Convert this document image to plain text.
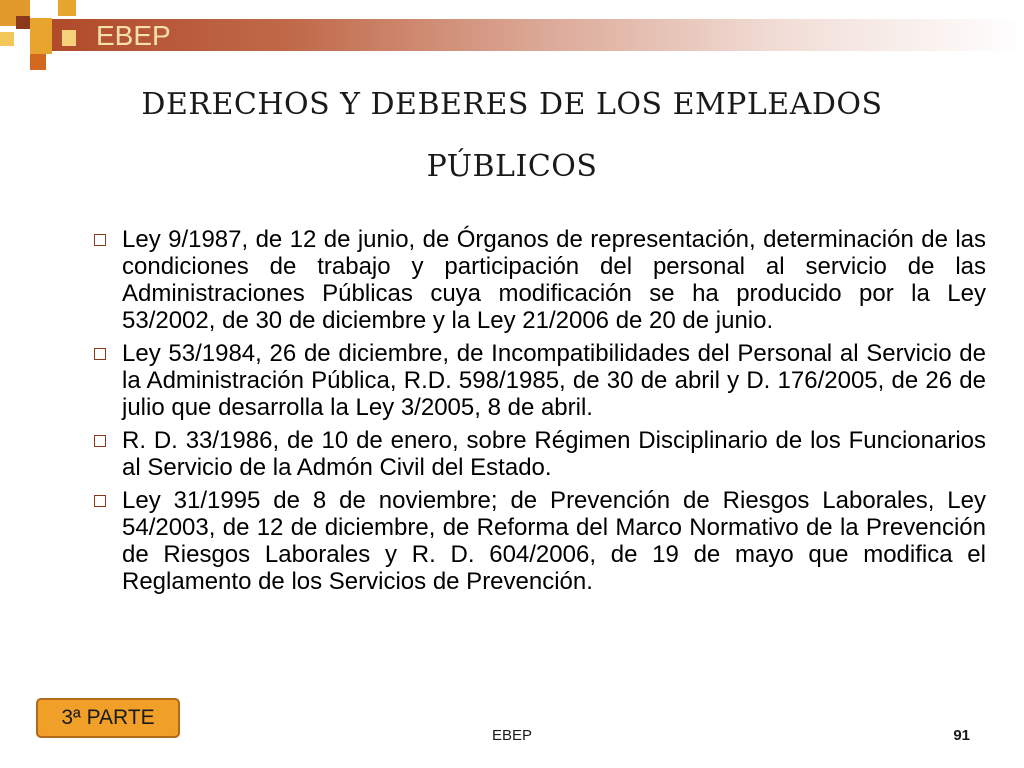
EBEP
DERECHOS Y DEBERES DE LOS EMPLEADOS
PÚBLICOS
Ley 9/1987, de 12 de junio, de Órganos de representación, determinación de las condiciones de trabajo y participación del personal al servicio de las Administraciones Públicas cuya modificación se ha producido por la Ley 53/2002, de 30 de diciembre y la Ley 21/2006 de 20 de junio.
Ley 53/1984, 26 de diciembre, de Incompatibilidades del Personal al Servicio de la Administración Pública, R.D. 598/1985, de 30 de abril y D. 176/2005, de 26 de julio que desarrolla la Ley 3/2005, 8 de abril.
R. D. 33/1986, de 10 de enero, sobre Régimen Disciplinario de los Funcionarios al Servicio de la Admón Civil del Estado.
Ley 31/1995 de 8 de noviembre; de Prevención de Riesgos Laborales, Ley 54/2003, de 12 de diciembre, de Reforma del Marco Normativo de la Prevención de Riesgos Laborales y R. D. 604/2006, de 19 de mayo que modifica el Reglamento de los Servicios de Prevención.
3ª PARTE
EBEP	91
